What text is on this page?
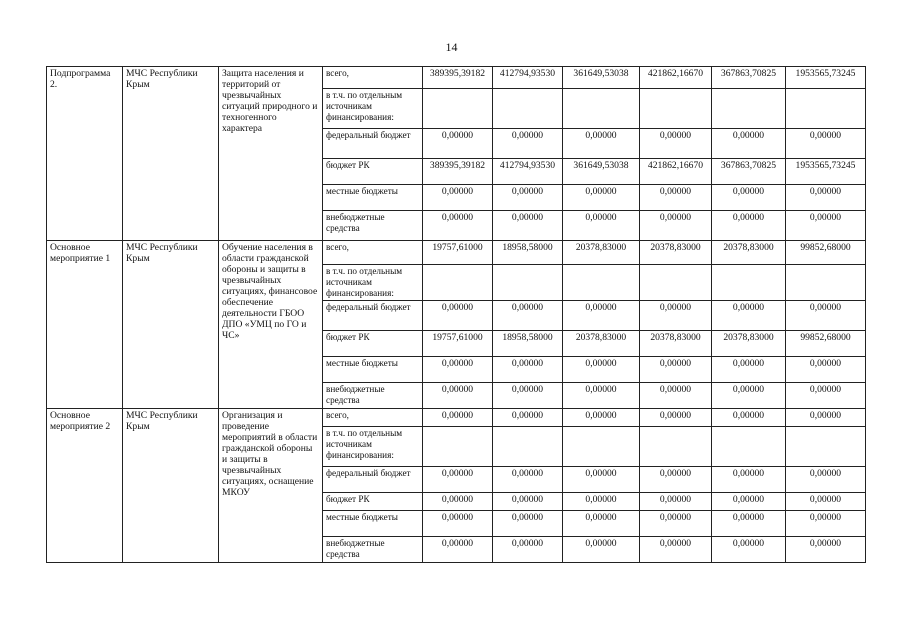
14
Подпрограмма 2.	МЧС Республики Крым	Защита населения и территорий от чрезвычайных ситуаций природного и техногенного характера	всего,	389395,39182	412794,93530	361649,53038	421862,16670	367863,70825	1953565,73245
			в т.ч. по отдельным источникам финансирования:						
			федеральный бюджет	0,00000	0,00000	0,00000	0,00000	0,00000	0,00000
			бюджет РК	389395,39182	412794,93530	361649,53038	421862,16670	367863,70825	1953565,73245
			местные бюджеты	0,00000	0,00000	0,00000	0,00000	0,00000	0,00000
			внебюджетные средства	0,00000	0,00000	0,00000	0,00000	0,00000	0,00000
Основное мероприятие 1	МЧС Республики Крым	Обучение населения в области гражданской обороны и защиты в чрезвычайных ситуациях, финансовое обеспечение деятельности ГБОО ДПО «УМЦ по ГО и ЧС»	всего,	19757,61000	18958,58000	20378,83000	20378,83000	20378,83000	99852,68000
			в т.ч. по отдельным источникам финансирования:						
			федеральный бюджет	0,00000	0,00000	0,00000	0,00000	0,00000	0,00000
			бюджет РК	19757,61000	18958,58000	20378,83000	20378,83000	20378,83000	99852,68000
			местные бюджеты	0,00000	0,00000	0,00000	0,00000	0,00000	0,00000
			внебюджетные средства	0,00000	0,00000	0,00000	0,00000	0,00000	0,00000
Основное мероприятие 2	МЧС Республики Крым	Организация и проведение мероприятий в области гражданской обороны и защиты в чрезвычайных ситуациях, оснащение МКОУ	всего,	0,00000	0,00000	0,00000	0,00000	0,00000	0,00000
			в т.ч. по отдельным источникам финансирования:						
			федеральный бюджет	0,00000	0,00000	0,00000	0,00000	0,00000	0,00000
			бюджет РК	0,00000	0,00000	0,00000	0,00000	0,00000	0,00000
			местные бюджеты	0,00000	0,00000	0,00000	0,00000	0,00000	0,00000
			внебюджетные средства	0,00000	0,00000	0,00000	0,00000	0,00000	0,00000
